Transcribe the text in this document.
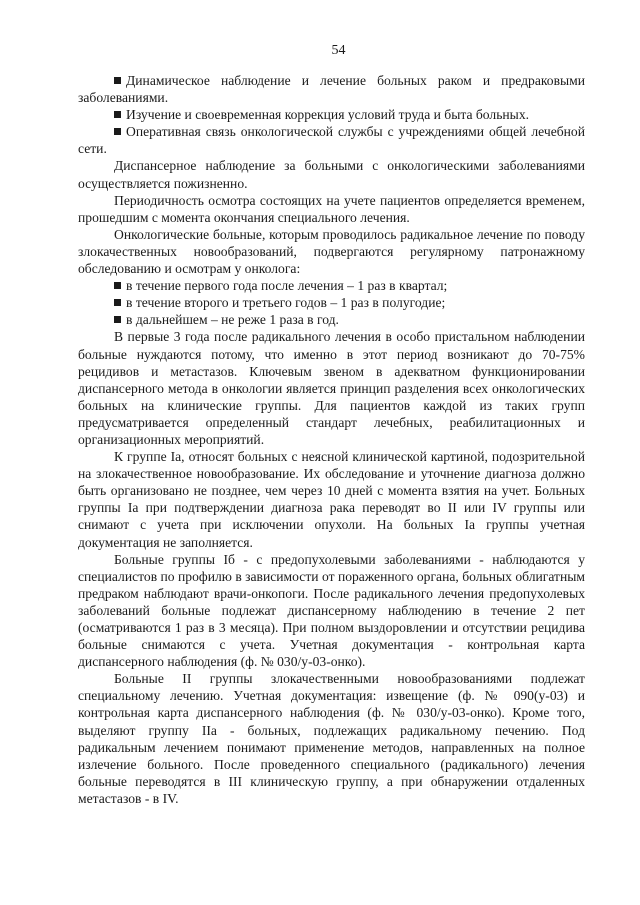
54

Динамическое наблюдение и лечение больных раком и предраковыми заболеваниями.

Изучение и своевременная коррекция условий труда и быта больных.

Оперативная связь онкологической службы с учреждениями общей лечебной сети.

Диспансерное наблюдение за больными с онкологическими заболеваниями осуществляется пожизненно.

Периодичность осмотра состоящих на учете пациентов определяется временем, прошедшим с момента окончания специального лечения.

Онкологические больные, которым проводилось радикальное лечение по поводу злокачественных новообразований, подвергаются регулярному патронажному обследованию и осмотрам у онколога:

в течение первого года после лечения – 1 раз в квартал;

в течение второго и третьего годов – 1 раз в полугодие;

в дальнейшем – не реже 1 раза в год.

В первые 3 года после радикального лечения в особо пристальном наблюдении больные нуждаются потому, что именно в этот период возникают до 70-75% рецидивов и метастазов. Ключевым звеном в адекватном функционировании диспансерного метода в онкологии является принцип разделения всех онкологических больных на клинические группы. Для пациентов каждой из таких групп предусматривается определенный стандарт лечебных, реабилитационных и организационных мероприятий.

К группе Iа, относят больных с неясной клинической картиной, подозрительной на злокачественное новообразование. Их обследование и уточнение диагноза должно быть организовано не позднее, чем через 10 дней с момента взятия на учет. Больных группы Iа при подтверждении диагноза рака переводят во II или IV группы или снимают с учета при исключении опухоли. На больных Iа группы учетная документация не заполняется.

Больные группы Iб - с предопухолевыми заболеваниями - наблюдаются у специалистов по профилю в зависимости от пораженного органа, больных облигатным предраком наблюдают врачи-онкопоги. После радикального лечения предопухолевых заболеваний больные подлежат диспансерному наблюдению в течение 2 пет (осматриваются 1 раз в 3 месяца). При полном выздоровлении и отсутствии рецидива больные снимаются с учета. Учетная документация - контрольная карта диспансерного наблюдения (ф. № 030/у-03-онко).

Больные II группы злокачественными новообразованиями подлежат специальному лечению. Учетная документация: извещение (ф. № 090(у-03) и контрольная карта диспансерного наблюдения (ф. № 030/у-03-онко). Кроме того, выделяют группу IIа - больных, подлежащих радикальному печению. Под радикальным лечением понимают применение методов, направленных на полное излечение больного. После проведенного специального (радикального) лечения больные переводятся в III клиническую группу, а при обнаружении отдаленных метастазов - в IV.
